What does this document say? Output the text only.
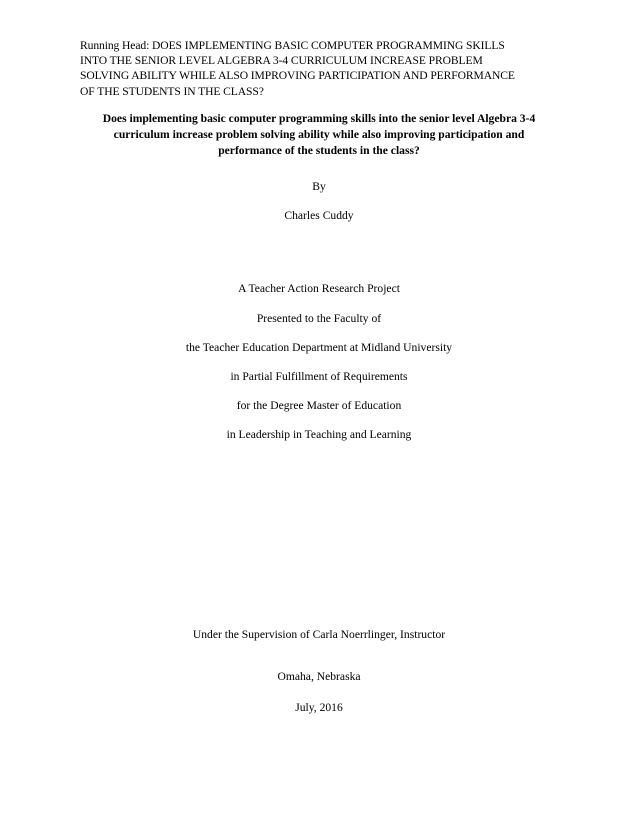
Running Head: DOES IMPLEMENTING BASIC COMPUTER PROGRAMMING SKILLS
INTO THE SENIOR LEVEL ALGEBRA 3-4 CURRICULUM INCREASE PROBLEM
SOLVING ABILITY WHILE ALSO IMPROVING PARTICIPATION AND PERFORMANCE
OF THE STUDENTS IN THE CLASS?
Does implementing basic computer programming skills into the senior level Algebra 3-4
curriculum increase problem solving ability while also improving participation and
performance of the students in the class?
By
Charles Cuddy
A Teacher Action Research Project
Presented to the Faculty of
the Teacher Education Department at Midland University
in Partial Fulfillment of Requirements
for the Degree Master of Education
in Leadership in Teaching and Learning
Under the Supervision of Carla Noerrlinger, Instructor
Omaha, Nebraska
July, 2016
